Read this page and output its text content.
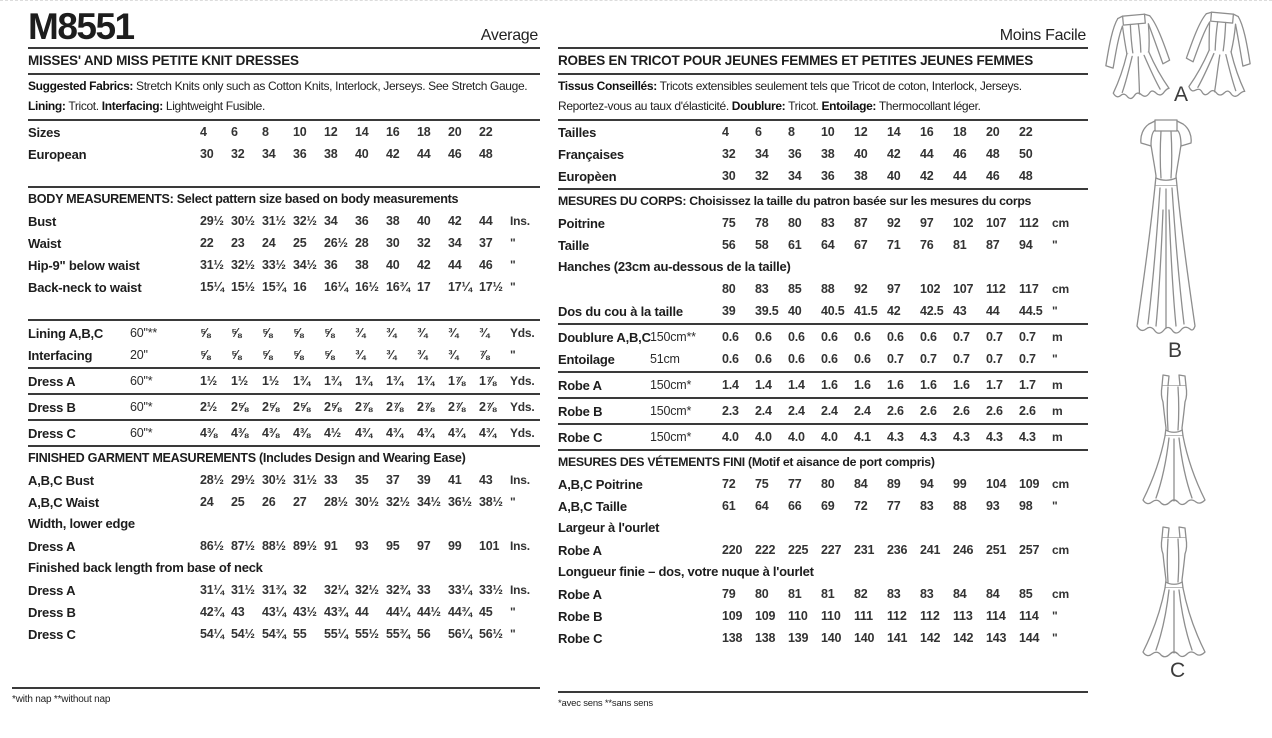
M8551	Average
MISSES' AND MISS PETITE KNIT DRESSES
Suggested Fabrics: Stretch Knits only such as Cotton Knits, Interlock, Jerseys. See Stretch Gauge.
Lining: Tricot. Interfacing: Lightweight Fusible.
Sizes	4	6	8	10	12	14	16	18	20	22
European	30	32	34	36	38	40	42	44	46	48
BODY MEASUREMENTS: Select pattern size based on body measurements
Bust	29½ 30½ 31½ 32½ 34	36	38	40	42	44	Ins.
Waist	22	23	24	25	26½ 28	30	32	34	37	"
Hip-9" below waist	31½ 32½ 33½ 34½ 36	38	40	42	44	46	"
Back-neck to waist	15¼ 15½ 15¾ 16	16¼ 16½ 16¾ 17	17¼ 17½ "
Lining A,B,C	60"**	⅝	⅝	⅝	⅝	⅝	¾	¾	¾	¾	¾	Yds.
Interfacing	20"	⅝	⅝	⅝	⅝	⅝	¾	¾	¾	¾	⅞	"
Dress A	60"*	1½	1½	1½	1¾	1¾	1¾	1¾	1¾	1⅞	1⅞	Yds.
Dress B	60"*	2½	2⅝	2⅝	2⅝	2⅝	2⅞	2⅞	2⅞	2⅞	2⅞	Yds.
Dress C	60"*	4⅜	4⅜	4⅜	4⅜	4½	4¾	4¾	4¾	4¾	4¾	Yds.
FINISHED GARMENT MEASUREMENTS (Includes Design and Wearing Ease)
A,B,C Bust	28½ 29½ 30½ 31½ 33	35	37	39	41	43	Ins.
A,B,C Waist	24	25	26	27	28½ 30½ 32½ 34½ 36½ 38½ "
Width, lower edge
Dress A	86½ 87½ 88½ 89½ 91	93	95	97	99	101 Ins.
Finished back length from base of neck
Dress A	31¼ 31½ 31¾ 32	32¼ 32½ 32¾ 33	33¼ 33½ Ins.
Dress B	42¾ 43	43¼ 43½ 43¾ 44	44¼ 44½ 44¾ 45	"
Dress C	54¼ 54½ 54¾ 55	55¼ 55½ 55¾ 56	56¼ 56½ "
*with nap **without nap
Moins Facile
ROBES EN TRICOT POUR JEUNES FEMMES ET PETITES JEUNES FEMMES
Tissus Conseillés: Tricots extensibles seulement tels que Tricot de coton, Interlock, Jerseys.
Reportez-vous au taux d'élasticité. Doublure: Tricot. Entoilage: Thermocollant léger.
Tailles	4	6	8	10	12	14	16	18	20	22
Françaises	32	34	36	38	40	42	44	46	48	50
Europèen	30	32	34	36	38	40	42	44	46	48
MESURES DU CORPS: Choisissez la taille du patron basée sur les mesures du corps
Poitrine	75	78	80	83	87	92	97	102	107	112	cm
Taille	56	58	61	64	67	71	76	81	87	94	"
Hanches (23cm au-dessous de la taille)
80	83	85	88	92	97	102	107	112	117	cm
Dos du cou à la taille	39	39.5 40	40.5 41.5 42	42.5 43	44	44.5 "
Doublure A,B,C 150cm**	0.6	0.6	0.6	0.6	0.6	0.6	0.6	0.7	0.7	0.7	m
Entoilage	51cm	0.6	0.6	0.6	0.6	0.6	0.7	0.7	0.7	0.7	0.7	"
Robe A	150cm*	1.4	1.4	1.4	1.6	1.6	1.6	1.6	1.6	1.7	1.7	m
Robe B	150cm*	2.3	2.4	2.4	2.4	2.4	2.6	2.6	2.6	2.6	2.6	m
Robe C	150cm*	4.0	4.0	4.0	4.0	4.1	4.3	4.3	4.3	4.3	4.3	m
MESURES DES VÉTEMENTS FINI (Motif et aisance de port compris)
A,B,C Poitrine	72	75	77	80	84	89	94	99	104	109	cm
A,B,C Taille	61	64	66	69	72	77	83	88	93	98	"
Largeur à l'ourlet
Robe A	220	222	225	227	231	236	241	246	251	257	cm
Longueur finie – dos, votre nuque à l'ourlet
Robe A	79	80	81	81	82	83	83	84	84	85	cm
Robe B	109	109	110	110	111	112	112	113	114	114	"
Robe C	138	138	139	140	140	141	142	142	143	144	"
*avec sens **sans sens
A
B
C
